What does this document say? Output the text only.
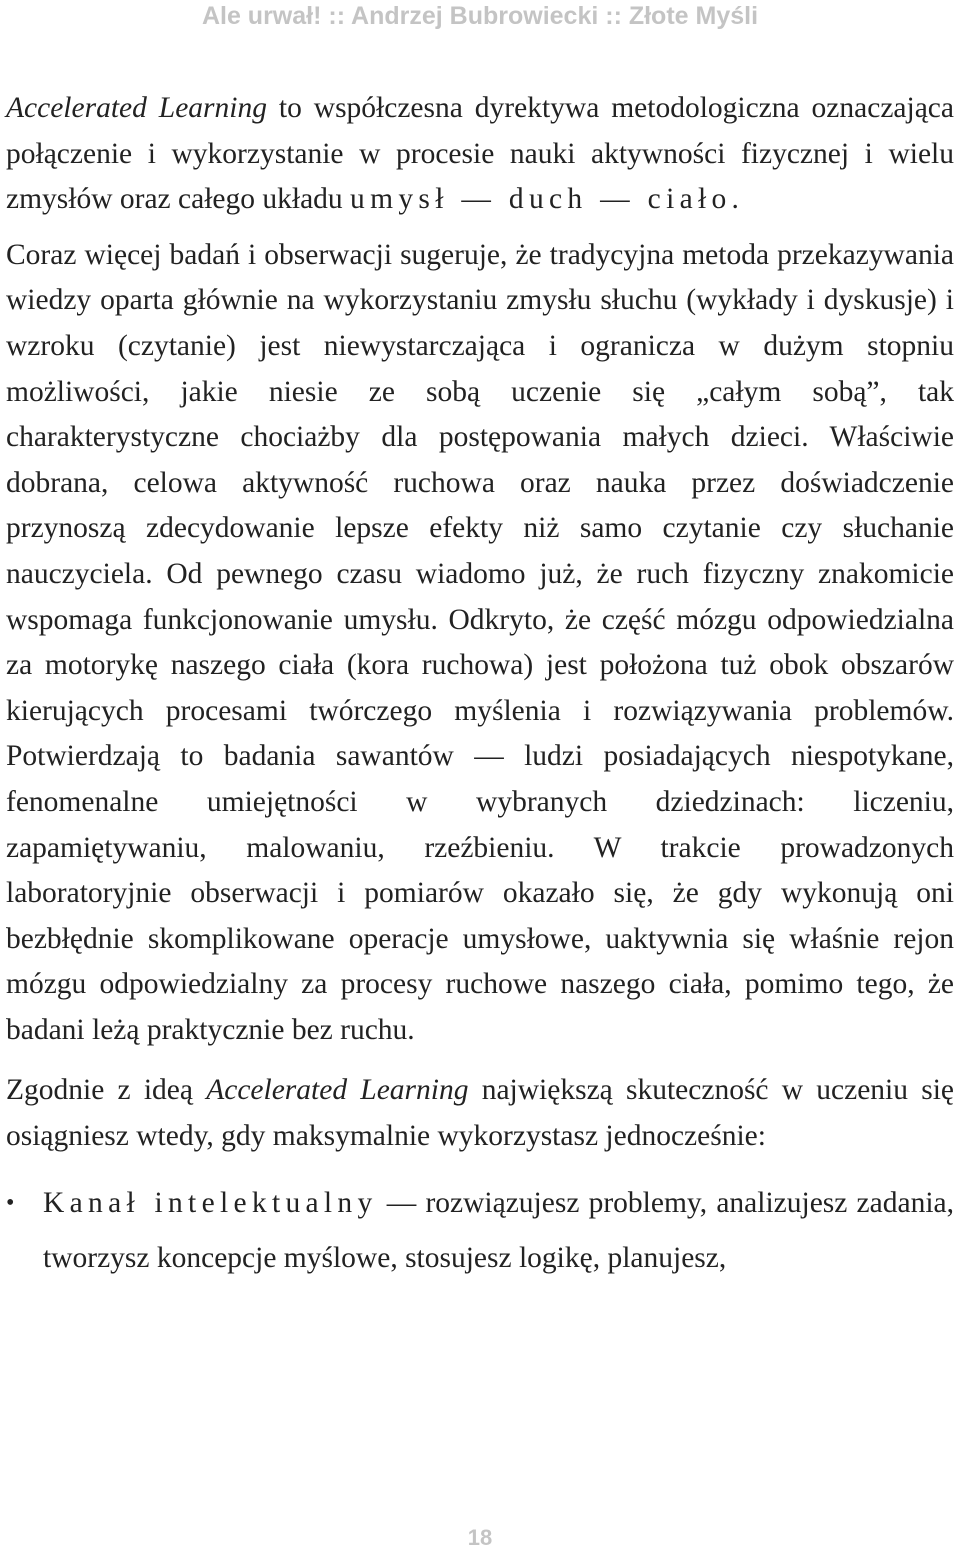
Ale urwał! :: Andrzej Bubrowiecki :: Złote Myśli

Accelerated Learning to współczesna dyrektywa metodologiczna oznaczająca połączenie i wykorzystanie w procesie nauki aktywności fizycznej i wielu zmysłów oraz całego układu umysł — duch — ciało.

Coraz więcej badań i obserwacji sugeruje, że tradycyjna metoda przekazywania wiedzy oparta głównie na wykorzystaniu zmysłu słuchu (wykłady i dyskusje) i wzroku (czytanie) jest niewystarczająca i ogranicza w dużym stopniu możliwości, jakie niesie ze sobą uczenie się „całym sobą”, tak charakterystyczne chociażby dla postępowania małych dzieci. Właściwie dobrana, celowa aktywność ruchowa oraz nauka przez doświadczenie przynoszą zdecydowanie lepsze efekty niż samo czytanie czy słuchanie nauczyciela. Od pewnego czasu wiadomo już, że ruch fizyczny znakomicie wspomaga funkcjonowanie umysłu. Odkryto, że część mózgu odpowiedzialna za motorykę naszego ciała (kora ruchowa) jest położona tuż obok obszarów kierujących procesami twórczego myślenia i rozwiązywania problemów. Potwierdzają to badania sawantów — ludzi posiadających niespotykane, fenomenalne umiejętności w wybranych dziedzinach: liczeniu, zapamiętywaniu, malowaniu, rzeźbieniu. W trakcie prowadzonych laboratoryjnie obserwacji i pomiarów okazało się, że gdy wykonują oni bezbłędnie skomplikowane operacje umysłowe, uaktywnia się właśnie rejon mózgu odpowiedzialny za procesy ruchowe naszego ciała, pomimo tego, że badani leżą praktycznie bez ruchu.

Zgodnie z ideą Accelerated Learning największą skuteczność w uczeniu się osiągniesz wtedy, gdy maksymalnie wykorzystasz jednocześnie:

• Kanał intelektualny — rozwiązujesz problemy, analizujesz zadania, tworzysz koncepcje myślowe, stosujesz logikę, planujesz,
18
